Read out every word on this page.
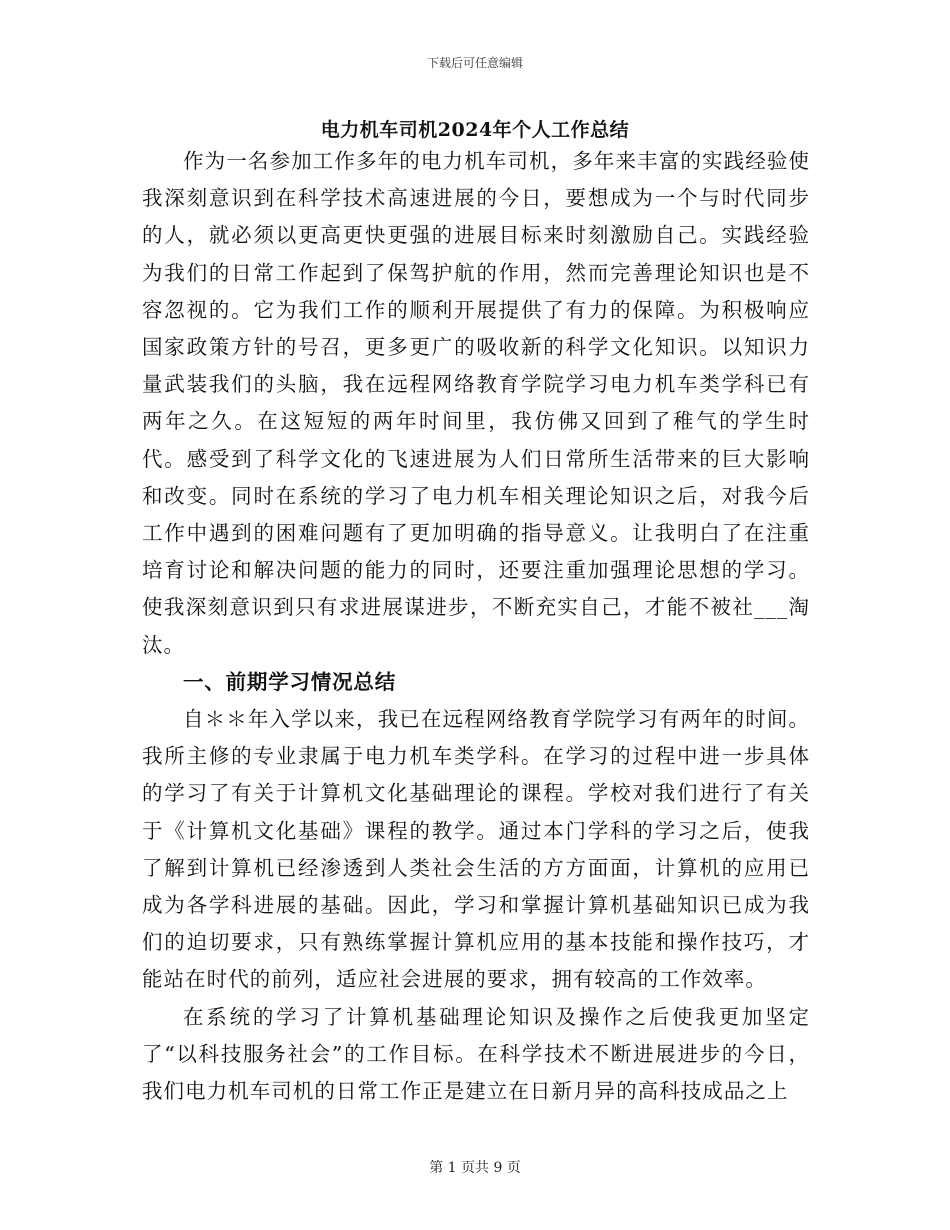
下载后可任意编辑
电力机车司机2024年个人工作总结

作为一名参加工作多年的电力机车司机，多年来丰富的实践经验使我深刻意识到在科学技术高速进展的今日，要想成为一个与时代同步的人，就必须以更高更快更强的进展目标来时刻激励自己。实践经验为我们的日常工作起到了保驾护航的作用，然而完善理论知识也是不容忽视的。它为我们工作的顺利开展提供了有力的保障。为积极响应国家政策方针的号召，更多更广的吸收新的科学文化知识。以知识力量武装我们的头脑，我在远程网络教育学院学习电力机车类学科已有两年之久。在这短短的两年时间里，我仿佛又回到了稚气的学生时代。感受到了科学文化的飞速进展为人们日常所生活带来的巨大影响和改变。同时在系统的学习了电力机车相关理论知识之后，对我今后工作中遇到的困难问题有了更加明确的指导意义。让我明白了在注重培育讨论和解决问题的能力的同时，还要注重加强理论思想的学习。使我深刻意识到只有求进展谋进步，不断充实自己，才能不被社___淘汰。

一、前期学习情况总结

自＊＊年入学以来，我已在远程网络教育学院学习有两年的时间。我所主修的专业隶属于电力机车类学科。在学习的过程中进一步具体的学习了有关于计算机文化基础理论的课程。学校对我们进行了有关于《计算机文化基础》课程的教学。通过本门学科的学习之后，使我了解到计算机已经渗透到人类社会生活的方方面面，计算机的应用已成为各学科进展的基础。因此，学习和掌握计算机基础知识已成为我们的迫切要求，只有熟练掌握计算机应用的基本技能和操作技巧，才能站在时代的前列，适应社会进展的要求，拥有较高的工作效率。

在系统的学习了计算机基础理论知识及操作之后使我更加坚定了“以科技服务社会”的工作目标。在科学技术不断进展进步的今日，我们电力机车司机的日常工作正是建立在日新月异的高科技成品之上

第 1 页共 9 页
